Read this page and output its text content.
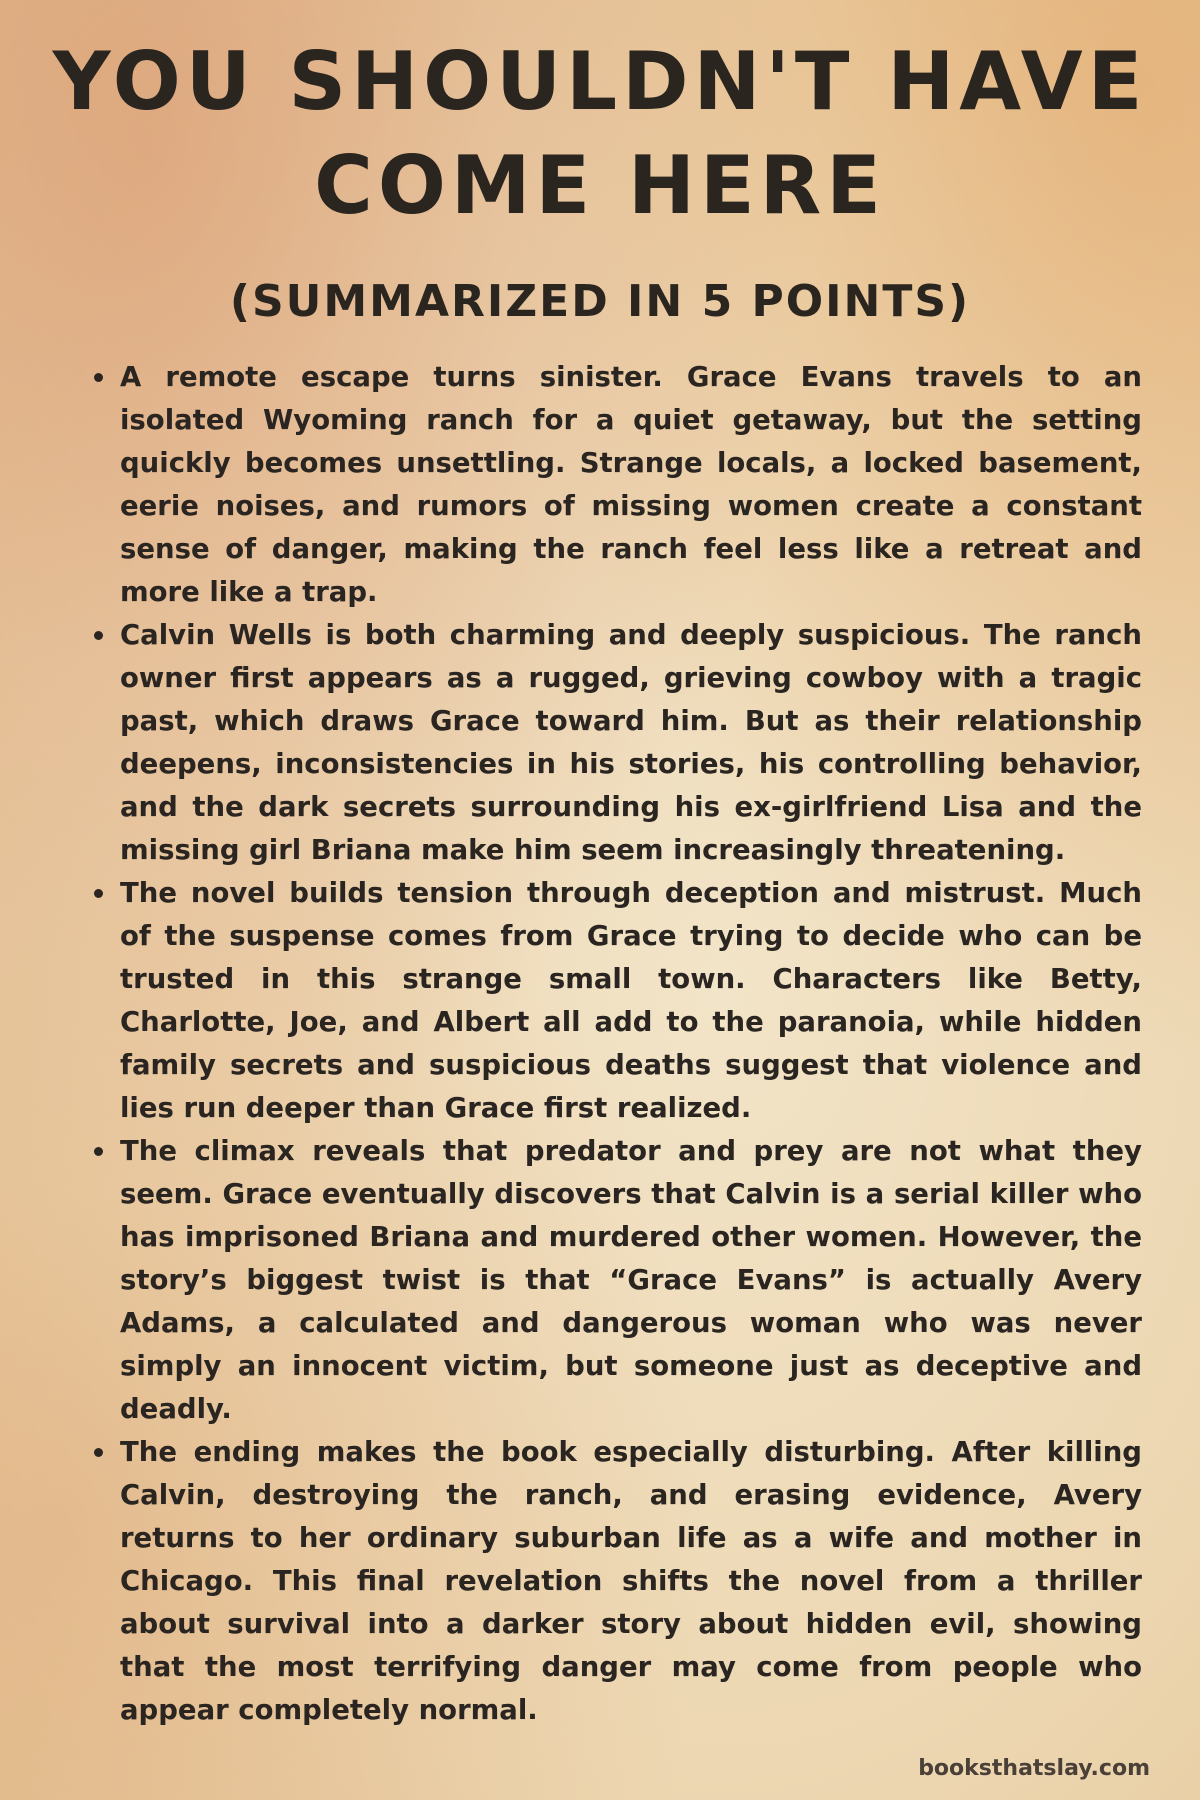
YOU SHOULDN'T HAVE COME HERE
(SUMMARIZED IN 5 POINTS)
A remote escape turns sinister. Grace Evans travels to an isolated Wyoming ranch for a quiet getaway, but the setting quickly becomes unsettling. Strange locals, a locked basement, eerie noises, and rumors of missing women create a constant sense of danger, making the ranch feel less like a retreat and more like a trap.
Calvin Wells is both charming and deeply suspicious. The ranch owner first appears as a rugged, grieving cowboy with a tragic past, which draws Grace toward him. But as their relationship deepens, inconsistencies in his stories, his controlling behavior, and the dark secrets surrounding his ex-girlfriend Lisa and the missing girl Briana make him seem increasingly threatening.
The novel builds tension through deception and mistrust. Much of the suspense comes from Grace trying to decide who can be trusted in this strange small town. Characters like Betty, Charlotte, Joe, and Albert all add to the paranoia, while hidden family secrets and suspicious deaths suggest that violence and lies run deeper than Grace first realized.
The climax reveals that predator and prey are not what they seem. Grace eventually discovers that Calvin is a serial killer who has imprisoned Briana and murdered other women. However, the story’s biggest twist is that “Grace Evans” is actually Avery Adams, a calculated and dangerous woman who was never simply an innocent victim, but someone just as deceptive and deadly.
The ending makes the book especially disturbing. After killing Calvin, destroying the ranch, and erasing evidence, Avery returns to her ordinary suburban life as a wife and mother in Chicago. This final revelation shifts the novel from a thriller about survival into a darker story about hidden evil, showing that the most terrifying danger may come from people who appear completely normal.
booksthatslay.com
